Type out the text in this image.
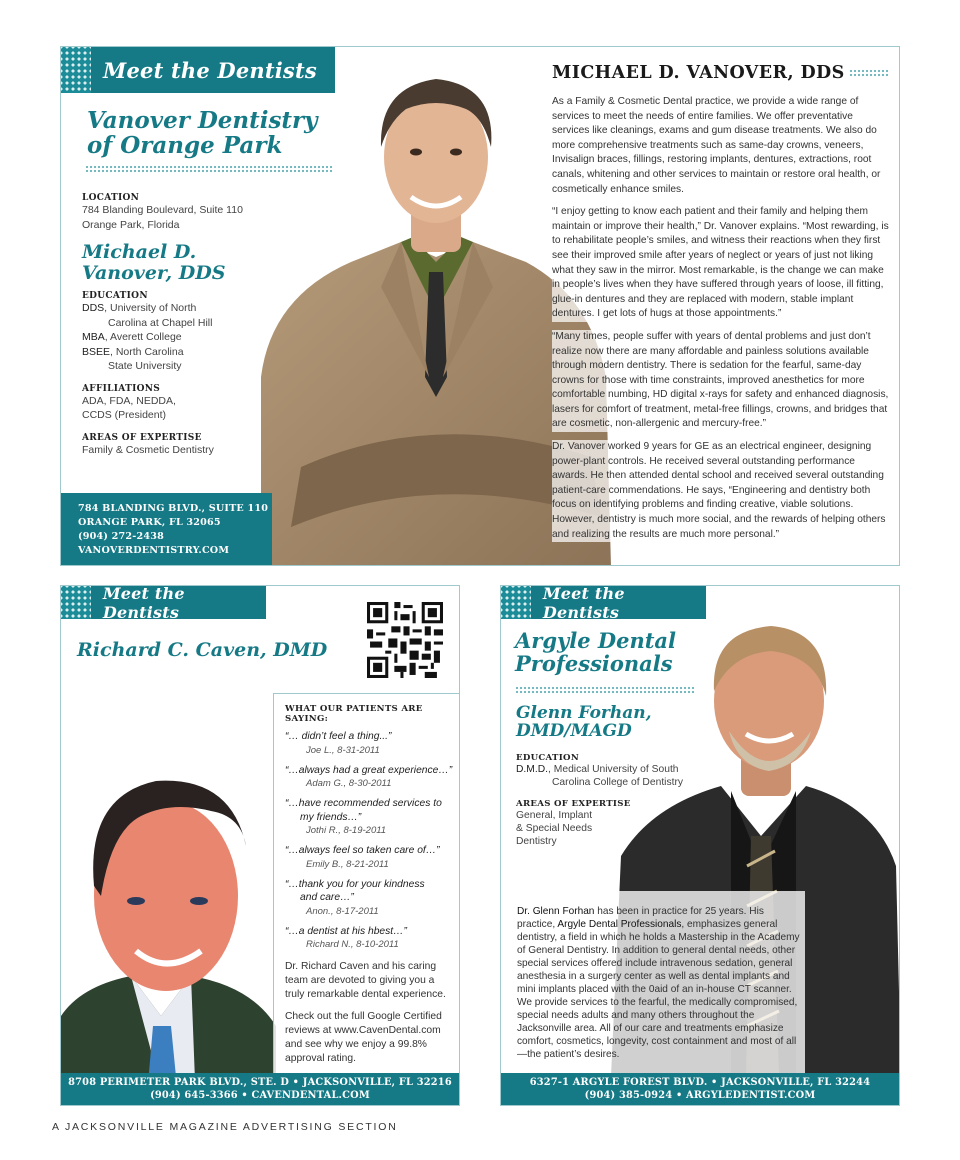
Meet the Dentists
Vanover Dentistry of Orange Park
LOCATION
784 Blanding Boulevard, Suite 110
Orange Park, Florida
Michael D. Vanover, DDS
EDUCATION
DDS, University of North
Carolina at Chapel Hill
MBA, Averett College
BSEE, North Carolina
State University
AFFILIATIONS
ADA, FDA, NEDDA,
CCDS (President)
AREAS OF EXPERTISE
Family & Cosmetic Dentistry
784 BLANDING BLVD., SUITE 110
ORANGE PARK, FL 32065
(904) 272-2438
VANOVERDENTISTRY.COM
MICHAEL D. VANOVER, DDS

As a Family & Cosmetic Dental practice, we provide a wide range of services to meet the needs of entire families. We offer preventative services like cleanings, exams and gum disease treatments. We also do more comprehensive treatments such as same-day crowns, veneers, Invisalign braces, fillings, restoring implants, dentures, extractions, root canals, whitening and other services to maintain or restore oral health, or cosmetically enhance smiles.

“I enjoy getting to know each patient and their family and helping them maintain or improve their health,” Dr. Vanover explains. “Most rewarding, is to rehabilitate people’s smiles, and witness their reactions when they first see their improved smile after years of neglect or years of just not liking what they saw in the mirror. Most remarkable, is the change we can make in people’s lives when they have suffered through years of loose, ill fitting, glue-in dentures and they are replaced with modern, stable implant dentures. I get lots of hugs at those appointments.”

“Many times, people suffer with years of dental problems and just don’t realize now there are many affordable and painless solutions available through modern dentistry. There is sedation for the fearful, same-day crowns for those with time constraints, improved anesthetics for more comfortable numbing, HD digital x-rays for safety and enhanced diagnosis, lasers for comfort of treatment, metal-free fillings, crowns, and bridges that are cosmetic, non-allergenic and mercury-free.”

Dr. Vanover worked 9 years for GE as an electrical engineer, designing power-plant controls. He received several outstanding performance awards. He then attended dental school and received several outstanding patient-care commendations. He says, “Engineering and dentistry both focus on identifying problems and finding creative, viable solutions. However, dentistry is much more social, and the rewards of helping others and realizing the results are much more personal.”

Meet the Dentists
Richard C. Caven, DMD
WHAT OUR PATIENTS ARE SAYING:
“… didn’t feel a thing...”
Joe L., 8-31-2011
“…always had a great experience…”
Adam G., 8-30-2011
“…have recommended services to
my friends…”
Jothi R., 8-19-2011
“…always feel so taken care of…”
Emily B., 8-21-2011
“…thank you for your kindness
and care…”
Anon., 8-17-2011
“…a dentist at his hbest…”
Richard N., 8-10-2011

Dr. Richard Caven and his caring team are devoted to giving you a truly remarkable dental experience.

Check out the full Google Certified reviews at www.CavenDental.com and see why we enjoy a 99.8% approval rating.

8708 PERIMETER PARK BLVD., STE. D • JACKSONVILLE, FL 32216
(904) 645-3366 • CAVENDENTAL.COM
Meet the Dentists
Argyle Dental Professionals
Glenn Forhan, DMD/MAGD
EDUCATION
D.M.D., Medical University of South
Carolina College of Dentistry
AREAS OF EXPERTISE
General, Implant
& Special Needs
Dentistry
Dr. Glenn Forhan has been in practice for 25 years. His practice, Argyle Dental Professionals, emphasizes general dentistry, a field in which he holds a Mastership in the Academy of General Dentistry. In addition to general dental needs, other special services offered include intravenous sedation, general anesthesia in a surgery center as well as dental implants and mini implants placed with the 0aid of an in-house CT scanner. We provide services to the fearful, the medically compromised, special needs adults and many others throughout the Jacksonville area. All of our care and treatments emphasize comfort, cosmetics, longevity, cost containment and most of all—the patient’s desires.
6327-1 ARGYLE FOREST BLVD. • JACKSONVILLE, FL 32244
(904) 385-0924 • ARGYLEDENTIST.COM
A JACKSONVILLE MAGAZINE ADVERTISING SECTION
